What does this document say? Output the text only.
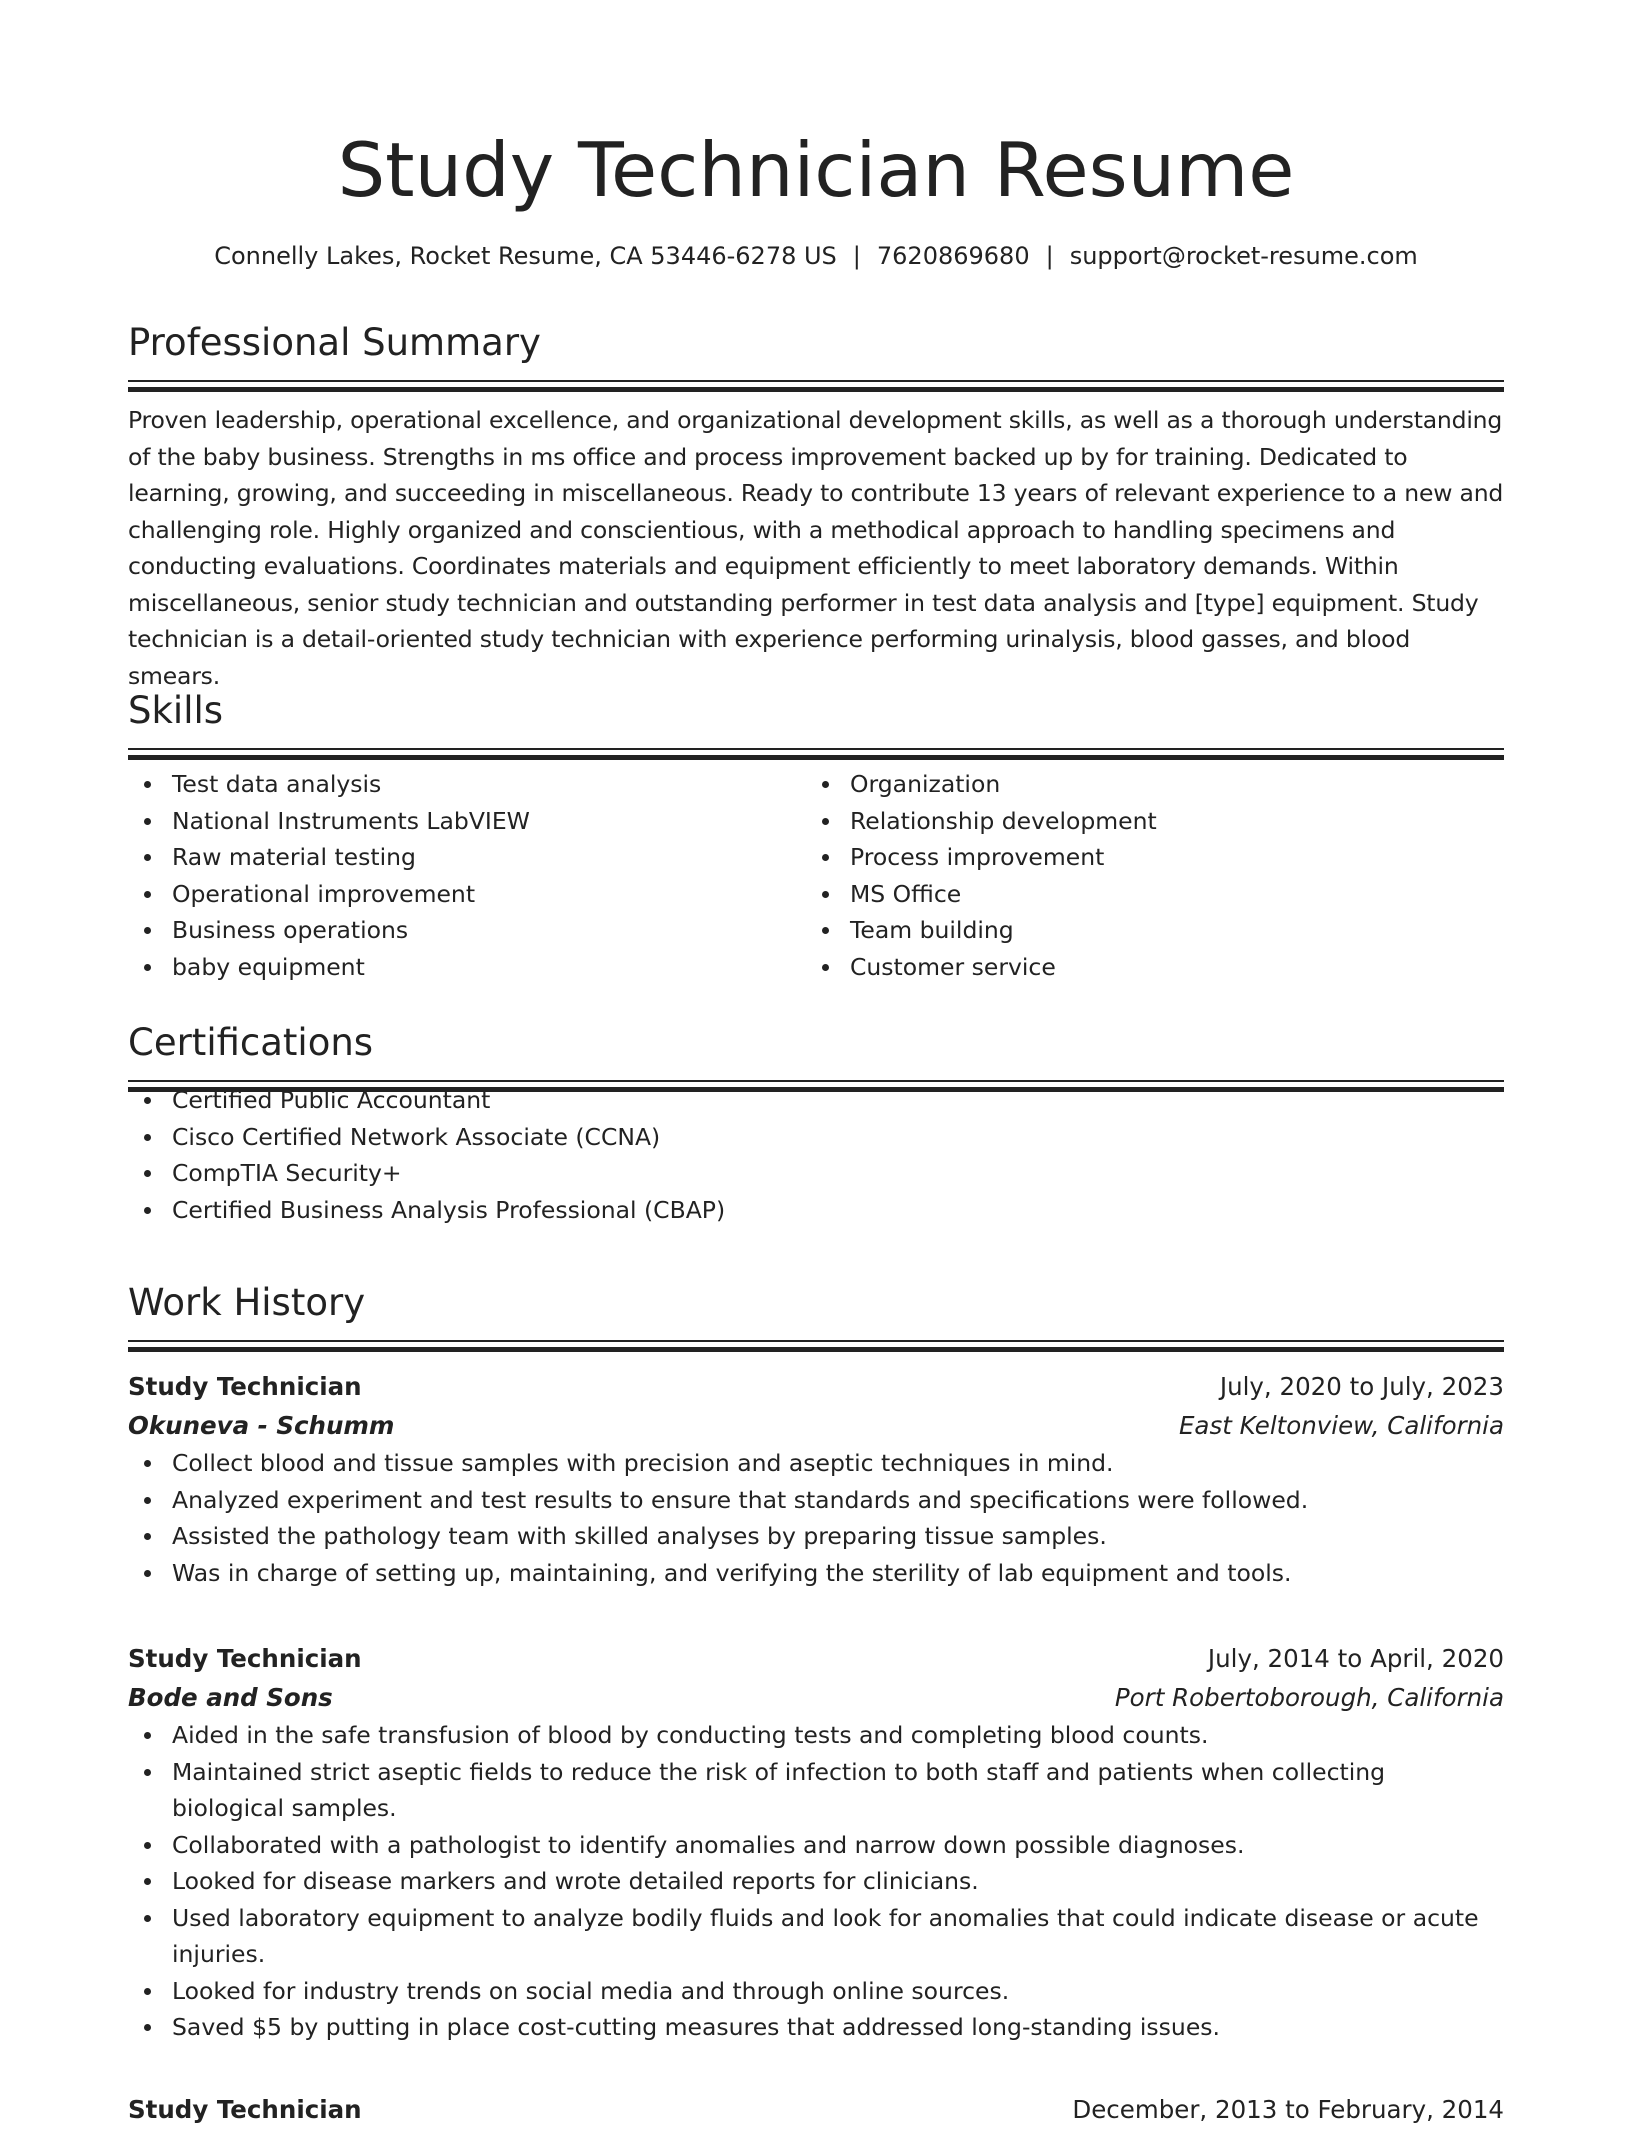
Study Technician Resume
Connelly Lakes, Rocket Resume, CA 53446-6278 US | 7620869680 | support@rocket-resume.com
Professional Summary
Proven leadership, operational excellence, and organizational development skills, as well as a thorough understanding of the baby business. Strengths in ms office and process improvement backed up by for training. Dedicated to learning, growing, and succeeding in miscellaneous. Ready to contribute 13 years of relevant experience to a new and challenging role. Highly organized and conscientious, with a methodical approach to handling specimens and conducting evaluations. Coordinates materials and equipment efficiently to meet laboratory demands. Within miscellaneous, senior study technician and outstanding performer in test data analysis and [type] equipment. Study technician is a detail-oriented study technician with experience performing urinalysis, blood gasses, and blood smears.
Skills
Test data analysis
National Instruments LabVIEW
Raw material testing
Operational improvement
Business operations
baby equipment
Organization
Relationship development
Process improvement
MS Office
Team building
Customer service
Certifications
Certified Public Accountant
Cisco Certified Network Associate (CCNA)
CompTIA Security+
Certified Business Analysis Professional (CBAP)
Work History
Study Technician	July, 2020 to July, 2023
Okuneva - Schumm	East Keltonview, California
Collect blood and tissue samples with precision and aseptic techniques in mind.
Analyzed experiment and test results to ensure that standards and specifications were followed.
Assisted the pathology team with skilled analyses by preparing tissue samples.
Was in charge of setting up, maintaining, and verifying the sterility of lab equipment and tools.
Study Technician	July, 2014 to April, 2020
Bode and Sons	Port Robertoborough, California
Aided in the safe transfusion of blood by conducting tests and completing blood counts.
Maintained strict aseptic fields to reduce the risk of infection to both staff and patients when collecting biological samples.
Collaborated with a pathologist to identify anomalies and narrow down possible diagnoses.
Looked for disease markers and wrote detailed reports for clinicians.
Used laboratory equipment to analyze bodily fluids and look for anomalies that could indicate disease or acute injuries.
Looked for industry trends on social media and through online sources.
Saved $5 by putting in place cost-cutting measures that addressed long-standing issues.
Study Technician	December, 2013 to February, 2014
